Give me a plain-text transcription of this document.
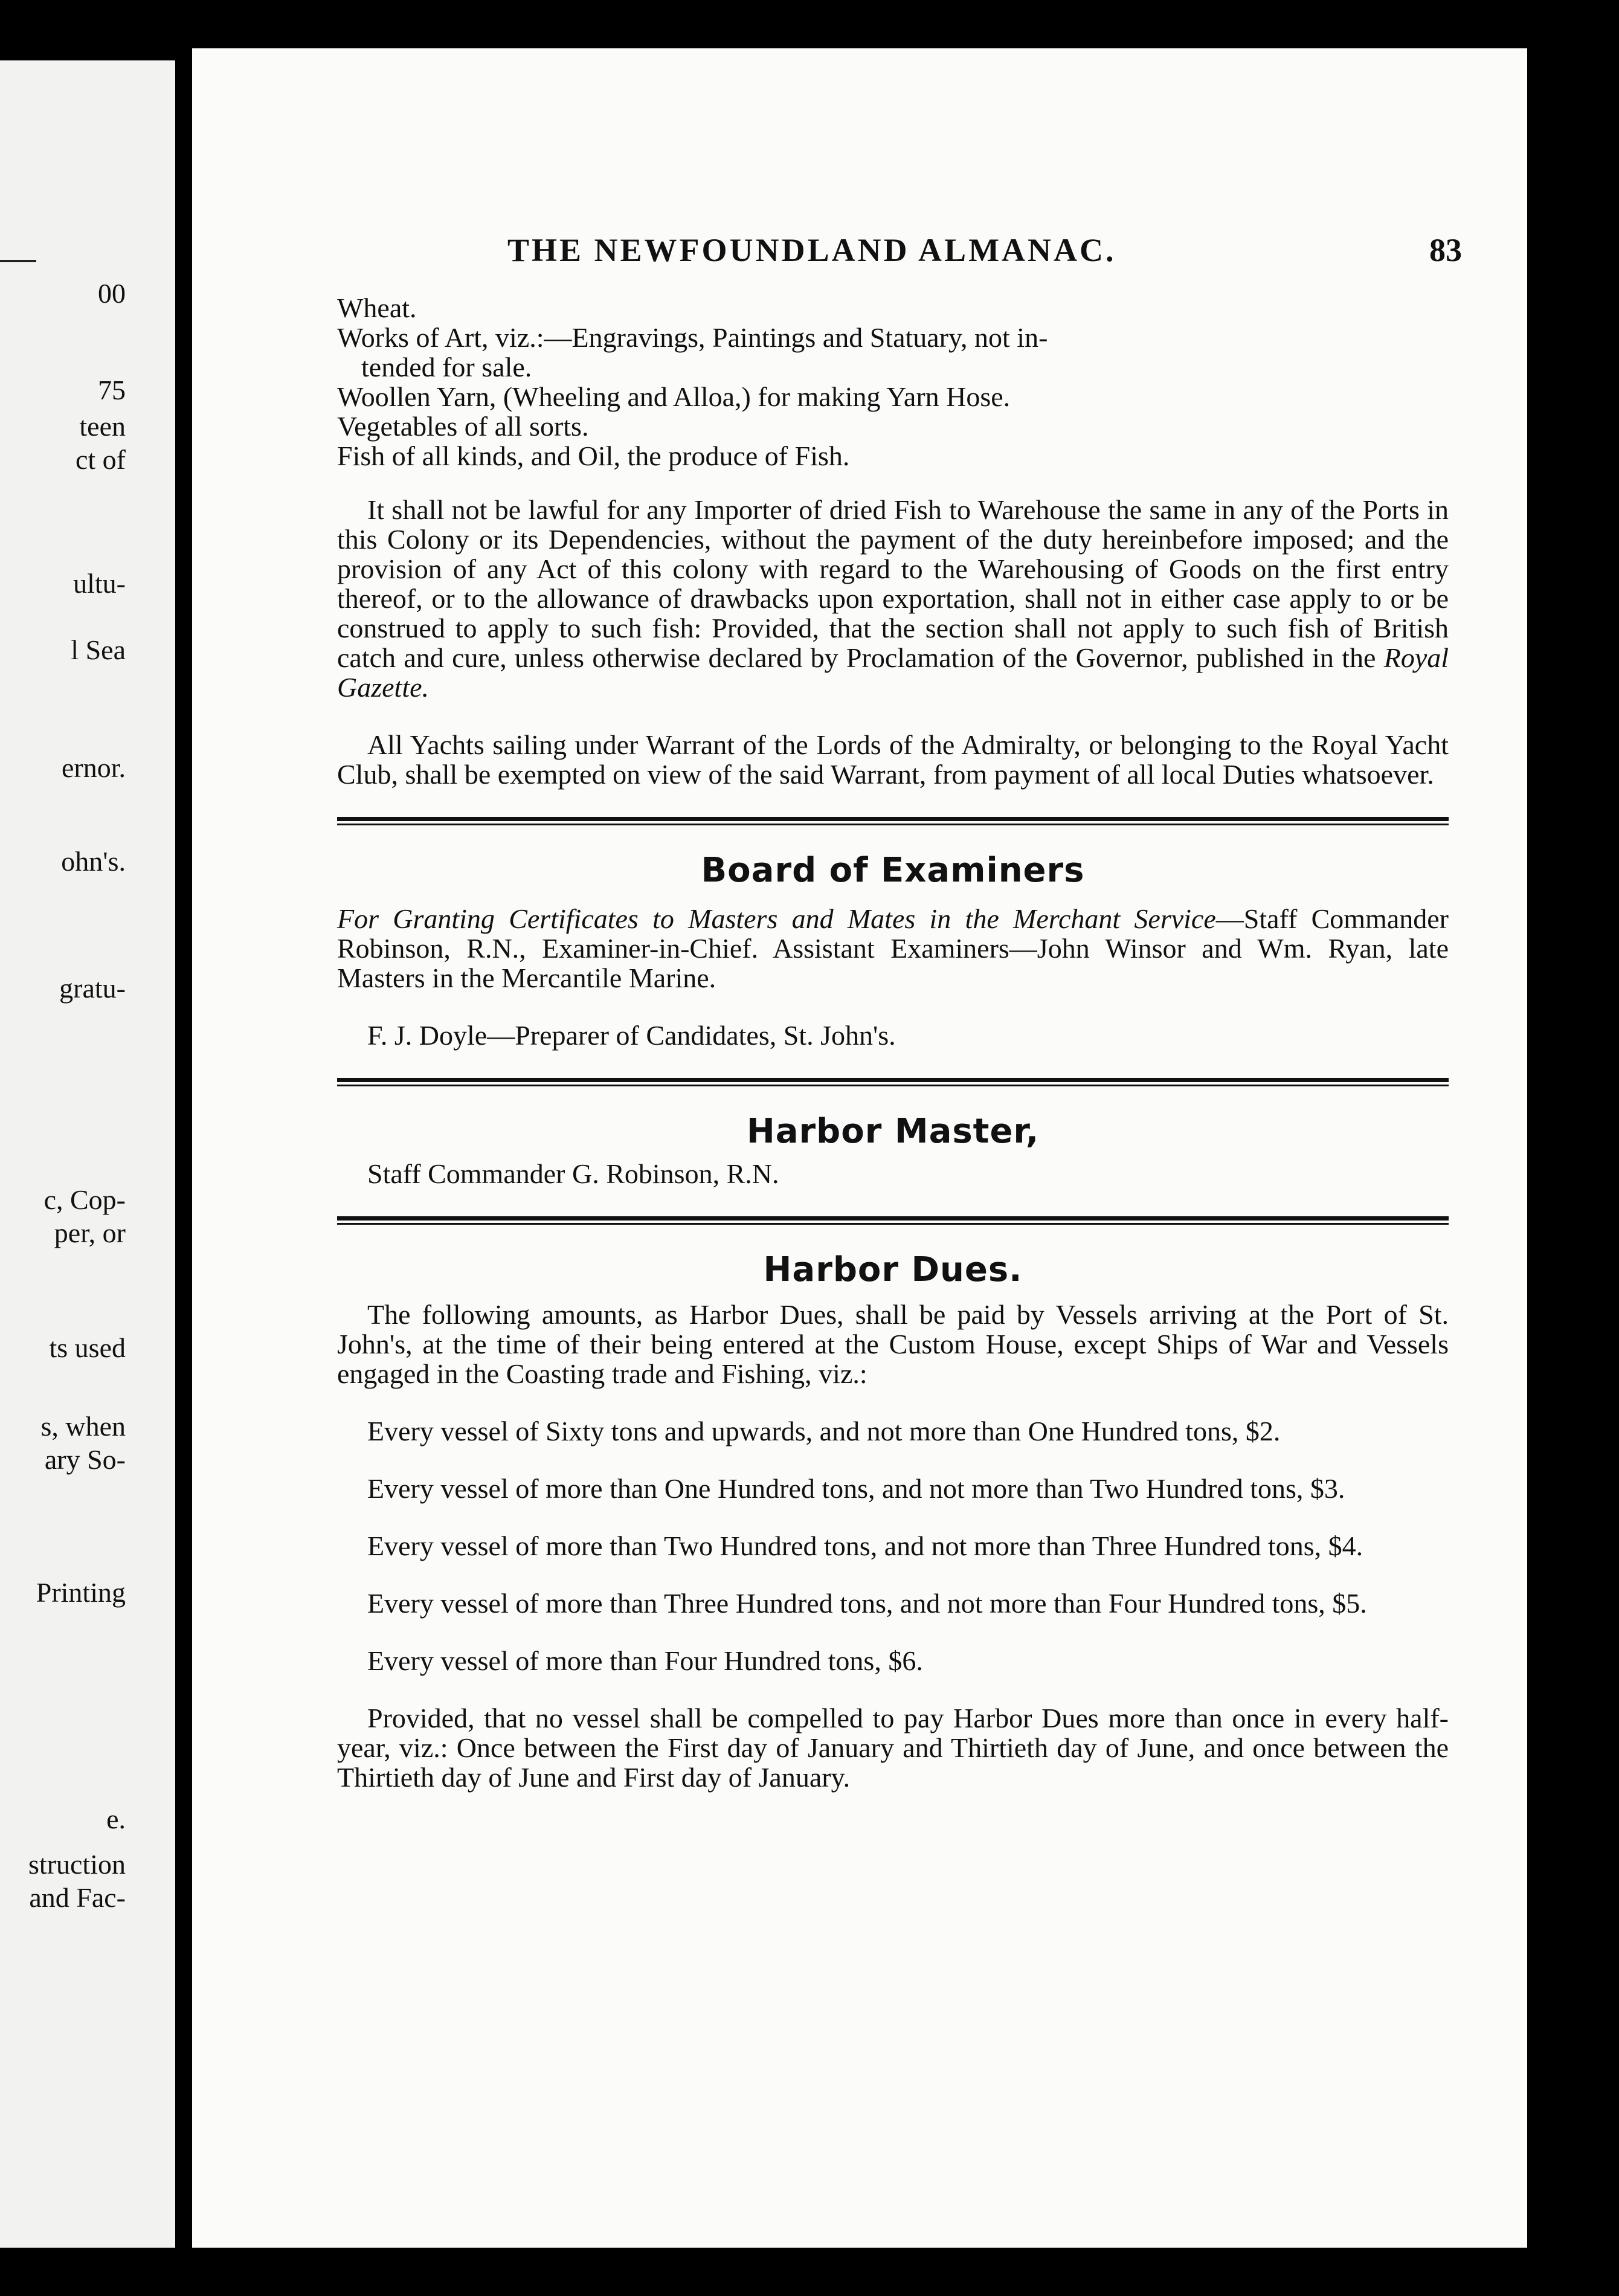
00
75
teen
ct of
ultu-
l Sea
ernor.
ohn's.
gratu-
c, Cop-
per, or
ts used
s, when
ary So-
Printing
e.
struction
and Fac-
THE NEWFOUNDLAND ALMANAC.	83
Wheat.
Works of Art, viz.:—Engravings, Paintings and Statuary, not in-
tended for sale.
Woollen Yarn, (Wheeling and Alloa,) for making Yarn Hose.
Vegetables of all sorts.
Fish of all kinds, and Oil, the produce of Fish.

It shall not be lawful for any Importer of dried Fish to Warehouse the same in any of the Ports in this Colony or its Dependencies, without the payment of the duty hereinbefore imposed; and the provision of any Act of this colony with regard to the Warehousing of Goods on the first entry thereof, or to the allowance of drawbacks upon exportation, shall not in either case apply to or be construed to apply to such fish: Provided, that the section shall not apply to such fish of British catch and cure, unless otherwise declared by Proclamation of the Governor, published in the Royal Gazette.

All Yachts sailing under Warrant of the Lords of the Admiralty, or belonging to the Royal Yacht Club, shall be exempted on view of the said Warrant, from payment of all local Duties whatsoever.

Board of Examiners

For Granting Certificates to Masters and Mates in the Merchant Service—Staff Commander Robinson, R.N., Examiner-in-Chief. Assistant Examiners—John Winsor and Wm. Ryan, late Masters in the Mercantile Marine.

F. J. Doyle—Preparer of Candidates, St. John's.

Harbor Master,

Staff Commander G. Robinson, R.N.

Harbor Dues.

The following amounts, as Harbor Dues, shall be paid by Vessels arriving at the Port of St. John's, at the time of their being entered at the Custom House, except Ships of War and Vessels engaged in the Coasting trade and Fishing, viz.:

Every vessel of Sixty tons and upwards, and not more than One Hundred tons, $2.

Every vessel of more than One Hundred tons, and not more than Two Hundred tons, $3.

Every vessel of more than Two Hundred tons, and not more than Three Hundred tons, $4.

Every vessel of more than Three Hundred tons, and not more than Four Hundred tons, $5.

Every vessel of more than Four Hundred tons, $6.

Provided, that no vessel shall be compelled to pay Harbor Dues more than once in every half-year, viz.: Once between the First day of January and Thirtieth day of June, and once between the Thirtieth day of June and First day of January.
